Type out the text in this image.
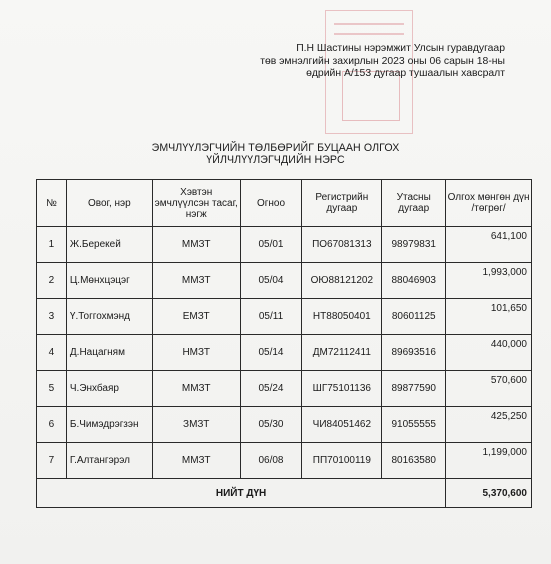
П.Н Шастины нэрэмжит Улсын гуравдугаар
төв эмнэлгийн захирлын 2023 оны 06 сарын 18-ны
өдрийн А/153 дугаар тушаалын хавсралт
ЭМЧЛҮҮЛЭГЧИЙН ТӨЛБӨРИЙГ БУЦААН ОЛГОХ
ҮЙЛЧЛҮҮЛЭГЧДИЙН НЭРС
№	Овог, нэр	Хэвтэн эмчлүүлсэн тасаг, нэгж	Огноо	Регистрийн дугаар	Утасны дугаар	Олгох мөнгөн дүн /төгрөг/
1	Ж.Берекей	ММЗТ	05/01	ПО67081313	98979831	641,100
2	Ц.Мөнхцэцэг	ММЗТ	05/04	ОЮ88121202	88046903	1,993,000
3	Ү.Тоггохмэнд	ЕМЗТ	05/11	НТ88050401	80601125	101,650
4	Д.Нацагням	НМЗТ	05/14	ДМ72112411	89693516	440,000
5	Ч.Энхбаяр	ММЗТ	05/24	ШГ75101136	89877590	570,600
6	Б.Чимэдрэгзэн	ЗМЗТ	05/30	ЧИ84051462	91055555	425,250
7	Г.Алтангэрэл	ММЗТ	06/08	ПП70100119	80163580	1,199,000
НИЙТ ДҮН						5,370,600
